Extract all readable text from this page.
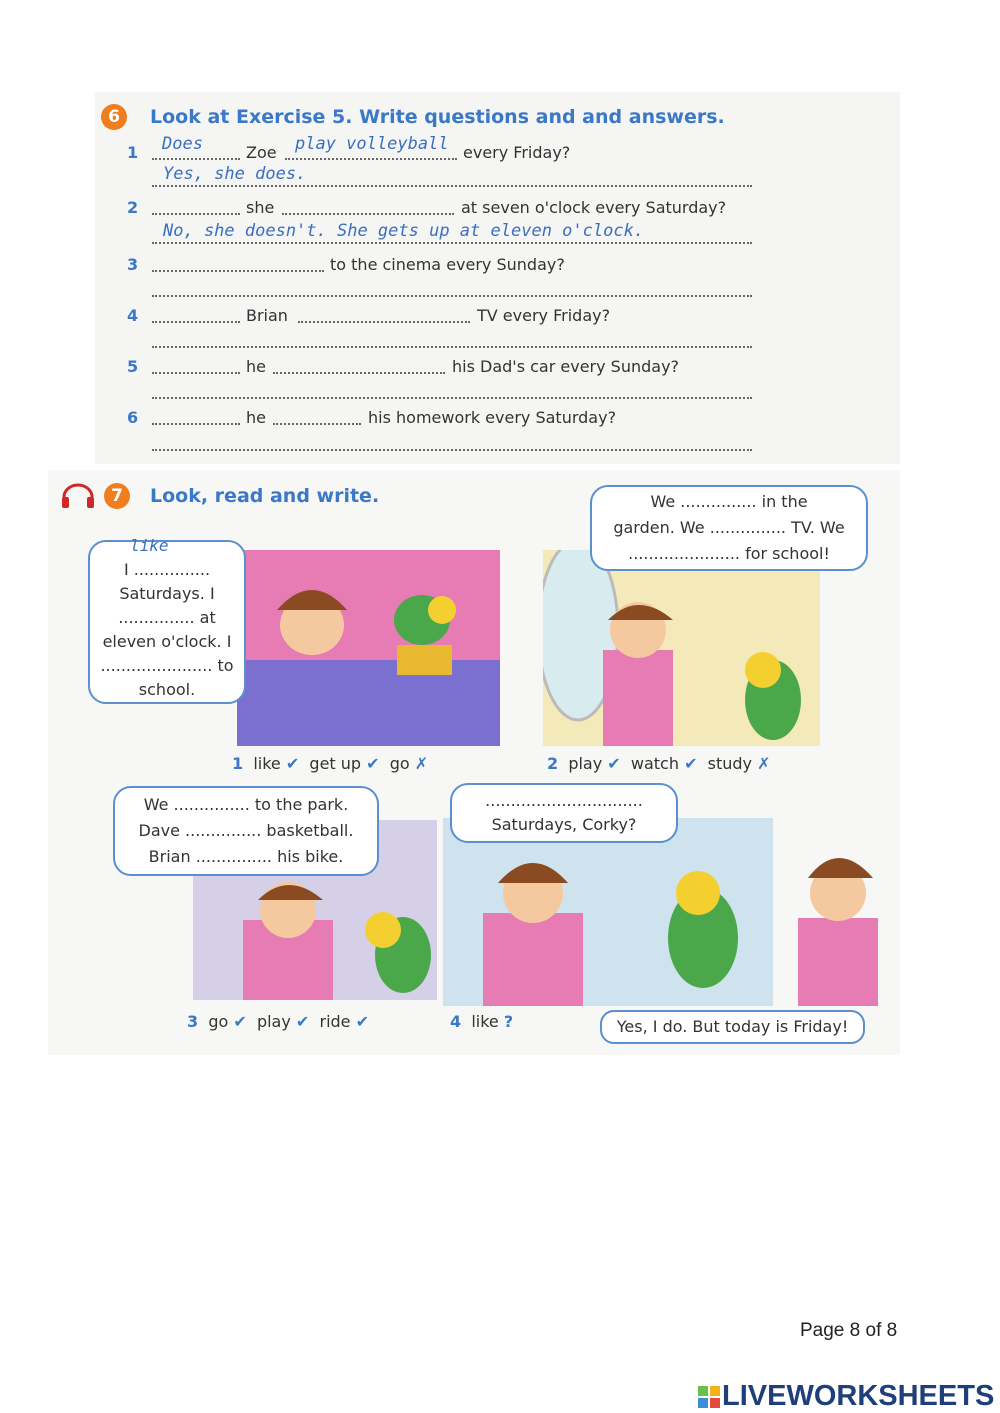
6	Look at Exercise 5. Write questions and and answers.
1 Does	Zoe play volleyball every Friday?
Yes, she does.
2	she	at seven o'clock every Saturday?
No, she doesn't. She gets up at eleven o'clock.
3	to the cinema every Sunday?
4	Brian	TV every Friday?
5	he	his Dad's car every Sunday?
6	he	his homework every Saturday?
7	Look, read and write.
I ...............
Saturdays. I
............... at
eleven o'clock. I
...................... to
school.
like
We ............... in the
garden. We ............... TV. We
...................... for school!
We ............... to the park.
Dave ............... basketball.
Brian ............... his bike.
...............................
Saturdays, Corky?
Yes, I do. But today is Friday!
1 like ✔ get up ✔ go ✗	2 play ✔ watch ✔ study ✗
3 go ✔ play ✔ ride ✔	4 like ?
Page 8 of 8
LIVEWORKSHEETS
